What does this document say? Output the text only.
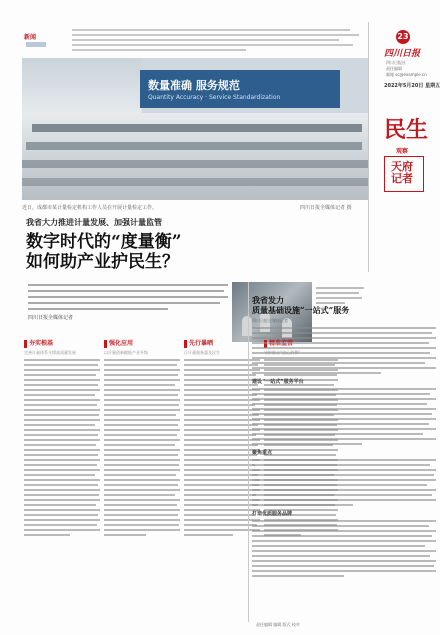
新闻
数量准确 服务规范
Quantity Accuracy · Service Standardization
近日，成都市某计量检定机构工作人员在开展计量检定工作。	四川日报全媒体记者 摄
我省大力推进计量发展、加强计量监管
数字时代的“度量衡”
如何助产业护民生？
四川日报全媒体记者
夯实根基
完善计量体系支撑高质量发展
强化应用
以计量创新赋能产业升级
先行暴晒
让计量服务惠及民生
23
四川日报
四川日报社
责任编辑
邮箱 sc@example.cn
2022年5月20日 星期五
民生
观察
天府 记者
我省发力
质量基础设施“一站式”服务
四川日报全媒体记者
建设“一站式”服务平台
聚焦重点
打造优质服务品牌
责任编辑 编辑 版式 校对
